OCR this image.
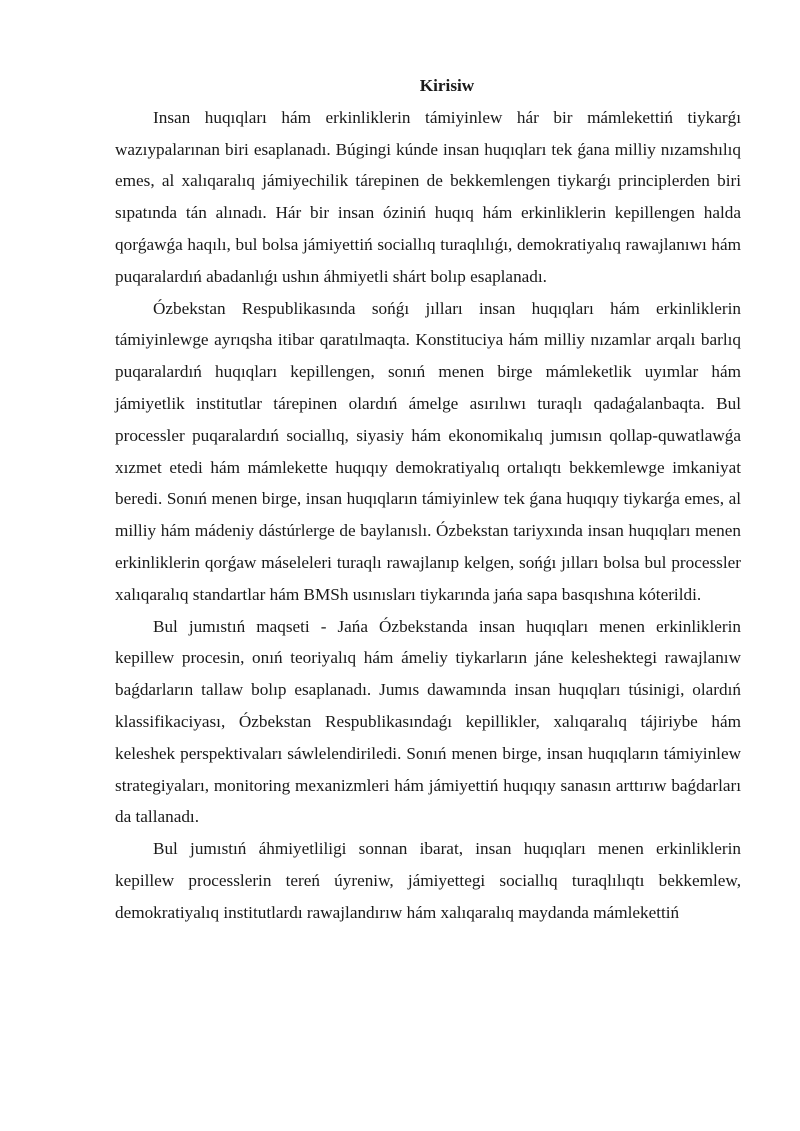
Kirisiw

Insan huqıqları hám erkinliklerin támiyinlew hár bir mámlekettiń tiykarǵı wazıypalarınan biri esaplanadı. Búgingi kúnde insan huqıqları tek ǵana milliy nızamshılıq emes, al xalıqaralıq jámiyechilik tárepinen de bekkemlengen tiykarǵı principlerden biri sıpatında tán alınadı. Hár bir insan óziniń huqıq hám erkinliklerin kepillengen halda qorǵawǵa haqılı, bul bolsa jámiyettiń sociallıq turaqlılıǵı, demokratiyalıq rawajlanıwı hám puqaralardıń abadanlıǵı ushın áhmiyetli shárt bolıp esaplanadı.

Ózbekstan Respublikasında sońǵı jılları insan huqıqları hám erkinliklerin támiyinlewge ayrıqsha itibar qaratılmaqta. Konstituciya hám milliy nızamlar arqalı barlıq puqaralardıń huqıqları kepillengen, sonıń menen birge mámleketlik uyımlar hám jámiyetlik institutlar tárepinen olardıń ámelge asırılıwı turaqlı qadaǵalanbaqta. Bul processler puqaralardıń sociallıq, siyasiy hám ekonomikalıq jumısın qollap-quwatlawǵa xızmet etedi hám mámlekette huqıqıy demokratiyalıq ortalıqtı bekkemlewge imkaniyat beredi. Sonıń menen birge, insan huqıqların támiyinlew tek ǵana huqıqıy tiykarǵa emes, al milliy hám mádeniy dástúrlerge de baylanıslı. Ózbekstan tariyxında insan huqıqları menen erkinliklerin qorǵaw máseleleri turaqlı rawajlanıp kelgen, sońǵı jılları bolsa bul processler xalıqaralıq standartlar hám BMSh usınısları tiykarında jańa sapa basqıshına kóterildi.

Bul jumıstıń maqseti - Jańa Ózbekstanda insan huqıqları menen erkinliklerin kepillew procesin, onıń teoriyalıq hám ámeliy tiykarların jáne keleshektegi rawajlanıw baǵdarların tallaw bolıp esaplanadı. Jumıs dawamında insan huqıqları túsinigi, olardıń klassifikaciyası, Ózbekstan Respublikasındaǵı kepillikler, xalıqaralıq tájiriybe hám keleshek perspektivaları sáwlelendiriledi. Sonıń menen birge, insan huqıqların támiyinlew strategiyaları, monitoring mexanizmleri hám jámiyettiń huqıqıy sanasın arttırıw baǵdarları da tallanadı.

Bul jumıstıń áhmiyetliligi sonnan ibarat, insan huqıqları menen erkinliklerin kepillew processlerin tereń úyreniw, jámiyettegi sociallıq turaqlılıqtı bekkemlew, demokratiyalıq institutlardı rawajlandırıw hám xalıqaralıq maydanda mámlekettiń
